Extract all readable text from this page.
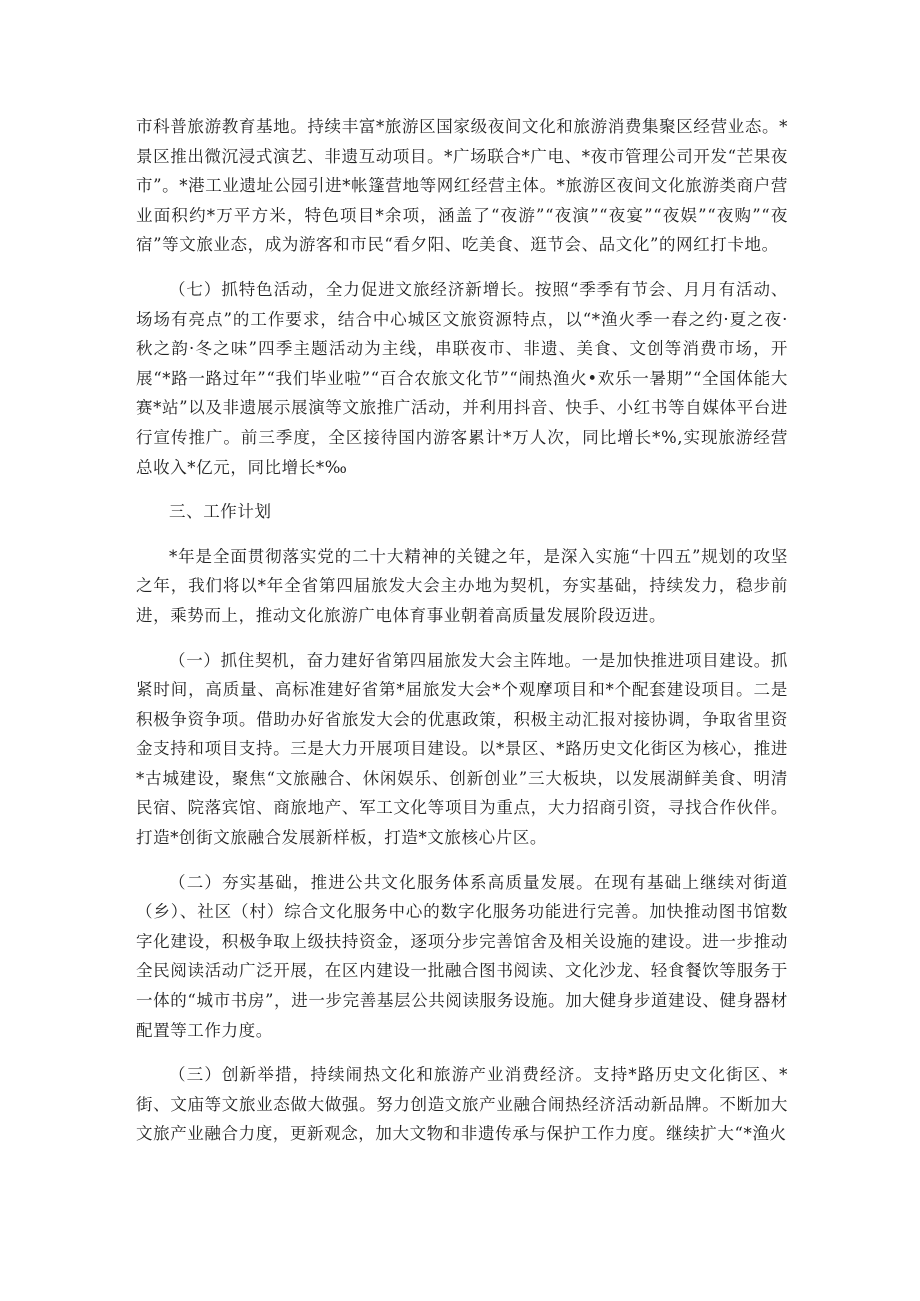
市科普旅游教育基地。持续丰富*旅游区国家级夜间文化和旅游消费集聚区经营业态。*景区推出微沉浸式演艺、非遗互动项目。*广场联合*广电、*夜市管理公司开发“芒果夜市”。*港工业遗址公园引进*帐篷营地等网红经营主体。*旅游区夜间文化旅游类商户营业面积约*万平方米，特色项目*余项，涵盖了“夜游”“夜演”“夜宴”“夜娱”“夜购”“夜宿”等文旅业态，成为游客和市民“看夕阳、吃美食、逛节会、品文化”的网红打卡地。

（七）抓特色活动，全力促进文旅经济新增长。按照“季季有节会、月月有活动、场场有亮点”的工作要求，结合中心城区文旅资源特点，以“*渔火季一春之约·夏之夜·秋之韵·冬之味”四季主题活动为主线，串联夜市、非遗、美食、文创等消费市场，开展“*路一路过年”“我们毕业啦”“百合农旅文化节”“闹热渔火•欢乐一暑期”“全国体能大赛*站”以及非遗展示展演等文旅推广活动，并利用抖音、快手、小红书等自媒体平台进行宣传推广。前三季度，全区接待国内游客累计*万人次，同比增长*%,实现旅游经营总收入*亿元，同比增长*‰

三、工作计划

*年是全面贯彻落实党的二十大精神的关键之年，是深入实施“十四五”规划的攻坚之年，我们将以*年全省第四届旅发大会主办地为契机，夯实基础，持续发力，稳步前进，乘势而上，推动文化旅游广电体育事业朝着高质量发展阶段迈进。

（一）抓住契机，奋力建好省第四届旅发大会主阵地。一是加快推进项目建设。抓紧时间，高质量、高标准建好省第*届旅发大会*个观摩项目和*个配套建设项目。二是积极争资争项。借助办好省旅发大会的优惠政策，积极主动汇报对接协调，争取省里资金支持和项目支持。三是大力开展项目建设。以*景区、*路历史文化街区为核心，推进*古城建设，聚焦“文旅融合、休闲娱乐、创新创业”三大板块，以发展湖鲜美食、明清民宿、院落宾馆、商旅地产、军工文化等项目为重点，大力招商引资，寻找合作伙伴。打造*创街文旅融合发展新样板，打造*文旅核心片区。

（二）夯实基础，推进公共文化服务体系高质量发展。在现有基础上继续对街道（乡）、社区（村）综合文化服务中心的数字化服务功能进行完善。加快推动图书馆数字化建设，积极争取上级扶持资金，逐项分步完善馆舍及相关设施的建设。进一步推动全民阅读活动广泛开展，在区内建设一批融合图书阅读、文化沙龙、轻食餐饮等服务于一体的“城市书房”，进一步完善基层公共阅读服务设施。加大健身步道建设、健身器材配置等工作力度。

（三）创新举措，持续闹热文化和旅游产业消费经济。支持*路历史文化街区、*街、文庙等文旅业态做大做强。努力创造文旅产业融合闹热经济活动新品牌。不断加大文旅产业融合力度，更新观念，加大文物和非遗传承与保护工作力度。继续扩大“*渔火
